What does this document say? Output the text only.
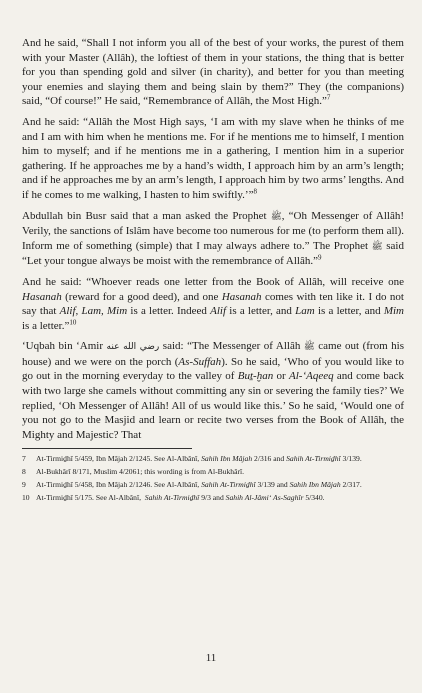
And he said, “Shall I not inform you all of the best of your works, the purest of them with your Master (Allâh), the loftiest of them in your stations, the thing that is better for you than spending gold and silver (in charity), and better for you than meeting your enemies and slaying them and being slain by them?” They (the companions) said, “Of course!” He said, “Remembrance of Allâh, the Most High.”$^7$

And he said: “Allâh the Most High says, ‘I am with my slave when he thinks of me and I am with him when he mentions me. For if he mentions me to himself, I mention him to myself; and if he mentions me in a gathering, I mention him in a superior gathering. If he approaches me by a hand’s width, I approach him by an arm’s length; and if he approaches me by an arm’s length, I approach him by two arms’ lengths. And if he comes to me walking, I hasten to him swiftly.’”$^8$

Abdullah bin Busr said that a man asked the Prophet ﷺ, “Oh Messenger of Allâh! Verily, the sanctions of Islâm have become too numerous for me (to perform them all). Inform me of something (simple) that I may always adhere to.” The Prophet ﷺ said “Let your tongue always be moist with the remembrance of Allâh.”$^9$

And he said: “Whoever reads one letter from the Book of Allâh, will receive one Hasanah (reward for a good deed), and one Hasanah comes with ten like it. I do not say that Alif, Lam, Mim is a letter. Indeed Alif is a letter, and Lam is a letter, and Mim is a letter.”$^{10}$

‘Uqbah bin ‘Amir رضي الله عنه said: “The Messenger of Allâh ﷺ came out (from his house) and we were on the porch (As-Suffah). So he said, ‘Who of you would like to go out in the morning everyday to the valley of Buṯ-ḫan or Al-‘Aqeeq and come back with two large she camels without committing any sin or severing the family ties?’ We replied, ‘Oh Messenger of Allâh! All of us would like this.’ So he said, ‘Would one of you not go to the Masjid and learn or recite two verses from the Book of Allâh, the Mighty and Majestic? That

7 At-Tirmiḏhî 5/459, Ibn Mâjah 2/1245. See Al-Albânî, Sahih Ibn Mâjah 2/316 and Sahih At-Tirmiḏhî 3/139.

8 Al-Bukhârî 8/171, Muslim 4/2061; this wording is from Al-Bukhârî.

9 At-Tirmiḏhî 5/458, Ibn Mâjah 2/1246. See Al-Albânî, Sahih At-Tirmiḏhî 3/139 and Sahih Ibn Mâjah 2/317.

10 At-Tirmiḏhî 5/175. See Al-Albânî,  Sahih At-Tirmiḏhî 9/3 and Sahih Al-Jâmi‘ As-Saghîr 5/340.

11
